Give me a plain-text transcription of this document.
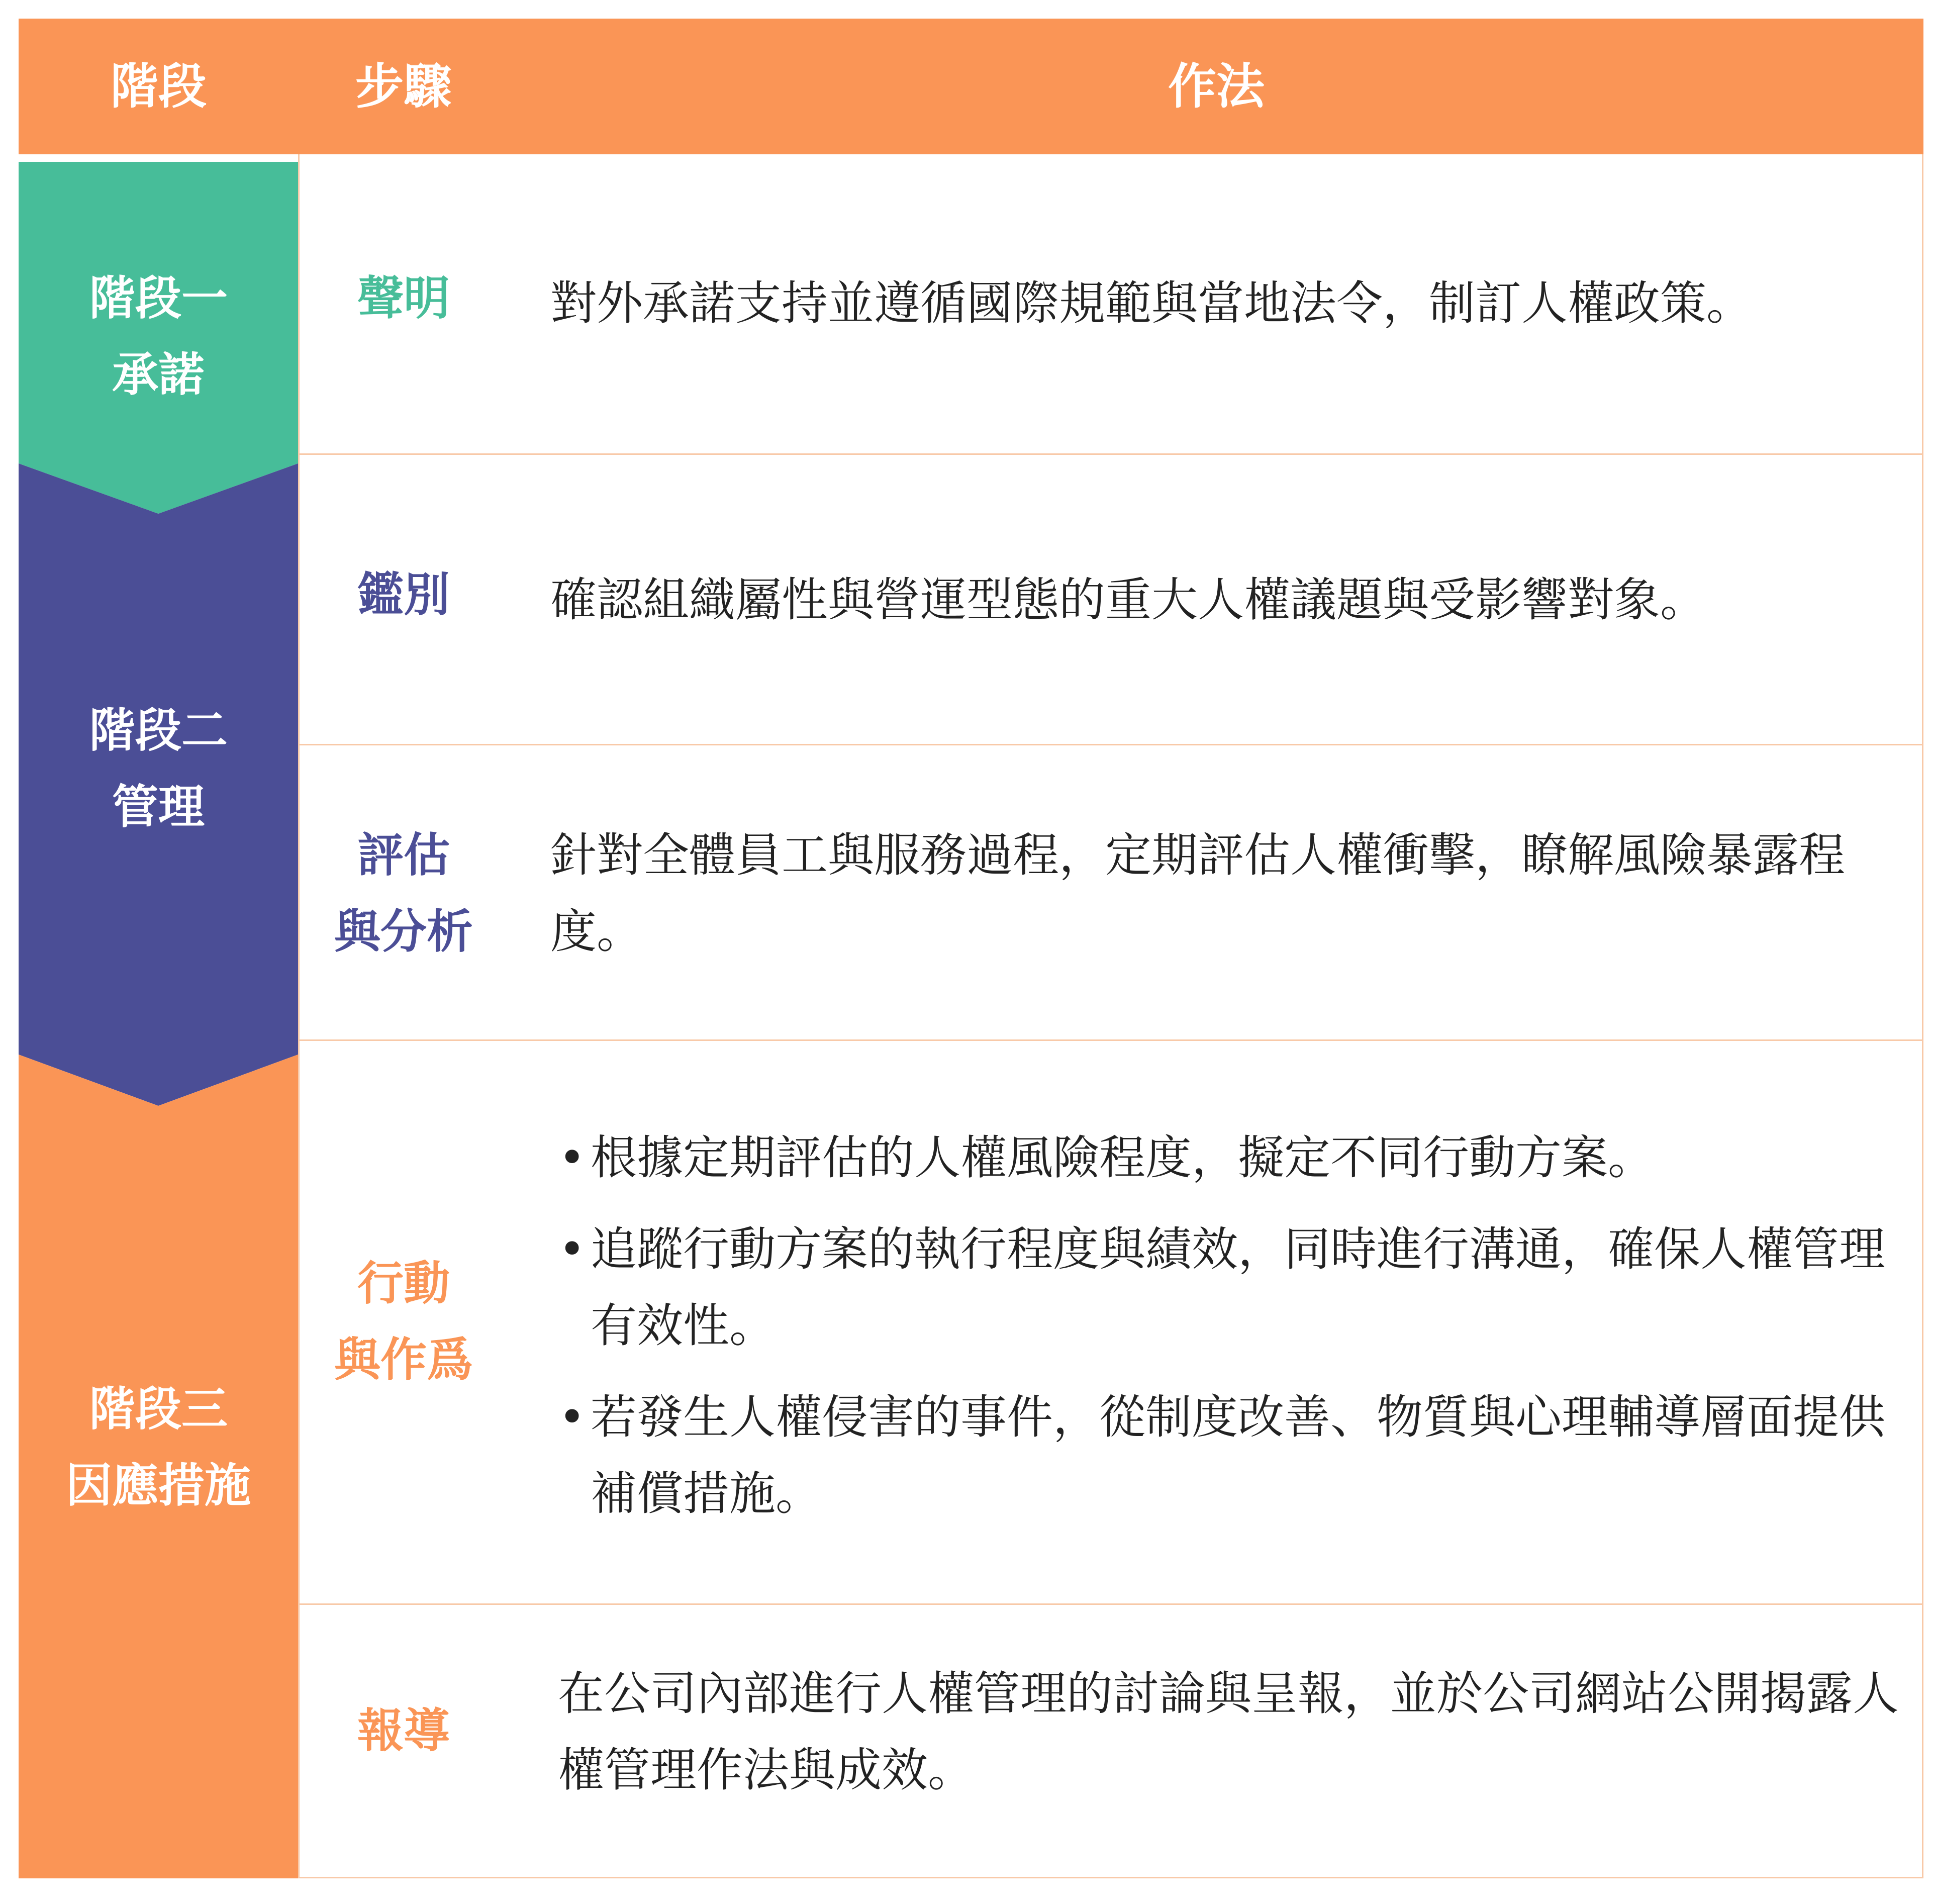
階段	步驟	作法
階段一
承諾
階段二
管理
階段三
因應措施
聲明
鑑別
評估
與分析
行動
與作爲
報導
對外承諾支持並遵循國際規範與當地法令，制訂人權政策。
確認組織屬性與營運型態的重大人權議題與受影響對象。
針對全體員工與服務過程，定期評估人權衝擊，瞭解風險暴露程度。
• 根據定期評估的人權風險程度，擬定不同行動方案。
• 追蹤行動方案的執行程度與績效，同時進行溝通，確保人權管理有效性。
• 若發生人權侵害的事件，從制度改善、物質與心理輔導層面提供補償措施。
在公司內部進行人權管理的討論與呈報，並於公司網站公開揭露人權管理作法與成效。
